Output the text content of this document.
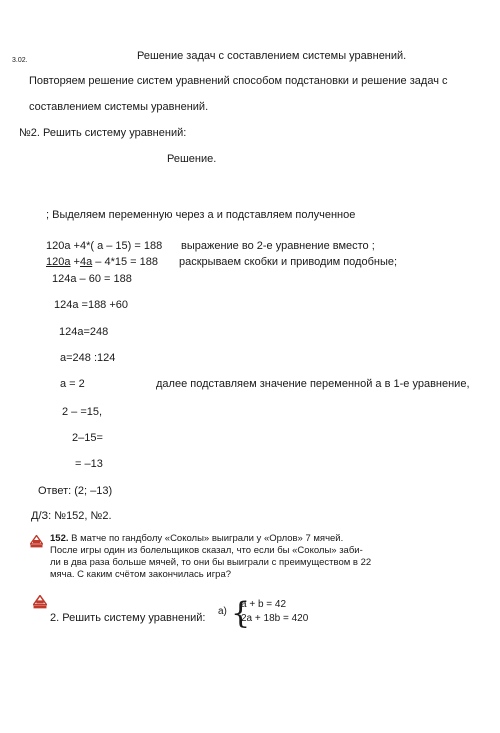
3.02.	Решение задач с составлением системы уравнений.
Повторяем решение систем уравнений способом подстановки и решение задач с
составлением системы уравнений.
№2. Решить систему уравнений:
Решение.
; Выделяем переменную через а и подставляем полученное
120a +4*( a – 15) = 188 выражение во 2-е уравнение вместо ;
120a +4a – 4*15 = 188 раскрываем скобки и приводим подобные;
124a – 60 = 188
124a =188 +60
124a=248
a=248 :124
a = 2	далее подставляем значение переменной а в 1-е уравнение,
2 – =15,
2–15=
= –13
Ответ: (2; –13)
Д/З: №152, №2.
152. В матче по гандболу «Соколы» выиграли у «Орлов» 7 мячей.
После игры один из болельщиков сказал, что если бы «Соколы» заби-
ли в два раза больше мячей, то они бы выиграли с преимуществом в 22
мяча. С каким счётом закончилась игра?
2. Решить систему уравнений:
а) {
a + b = 42
2a + 18b = 420
